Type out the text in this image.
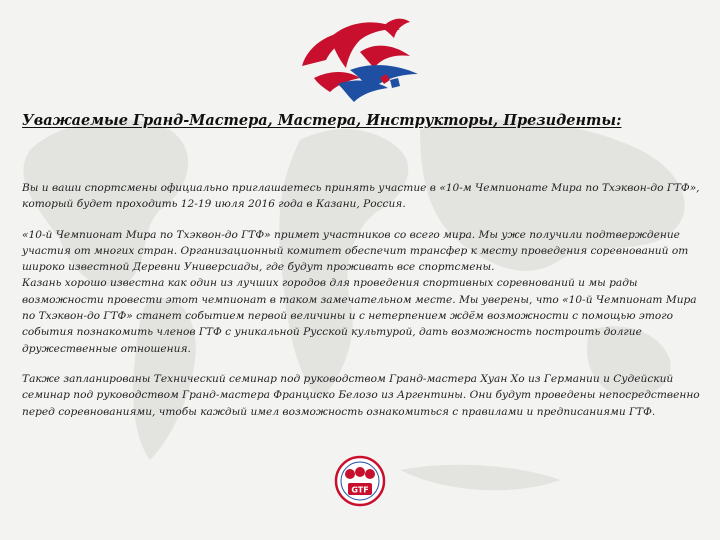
Уважаемые Гранд-Мастера, Мастера, Инструкторы, Президенты:

Вы и ваши спортсмены официально приглашаетесь принять участие в «10-м Чемпионате Мира по Тхэквон-до ГТФ», который будет проходить 12-19 июля 2016 года в Казани, Россия.

«10-й Чемпионат Мира по Тхэквон-до ГТФ» примет участников со всего мира. Мы уже получили подтверждение участия от многих стран. Организационный комитет обеспечит трансфер к месту проведения соревнований от широко известной Деревни Универсиады, где будут проживать все спортсмены.

Казань хорошо известна как один из лучших городов для проведения спортивных соревнований и мы рады возможности провести этот чемпионат в таком замечательном месте. Мы уверены, что «10-й Чемпионат Мира по Тхэквон-до ГТФ» станет событием первой величины и с нетерпением ждём возможности с помощью этого события познакомить членов ГТФ с уникальной Русской культурой, дать возможность построить долгие дружественные отношения.

Также запланированы Технический семинар под руководством Гранд-мастера Хуан Хо из Германии и Судейский семинар под руководством Гранд-мастера Франциско Белозо из Аргентины. Они будут проведены непосредственно перед соревнованиями, чтобы каждый имел возможность ознакомиться с правилами и предписаниями ГТФ.

GTF
